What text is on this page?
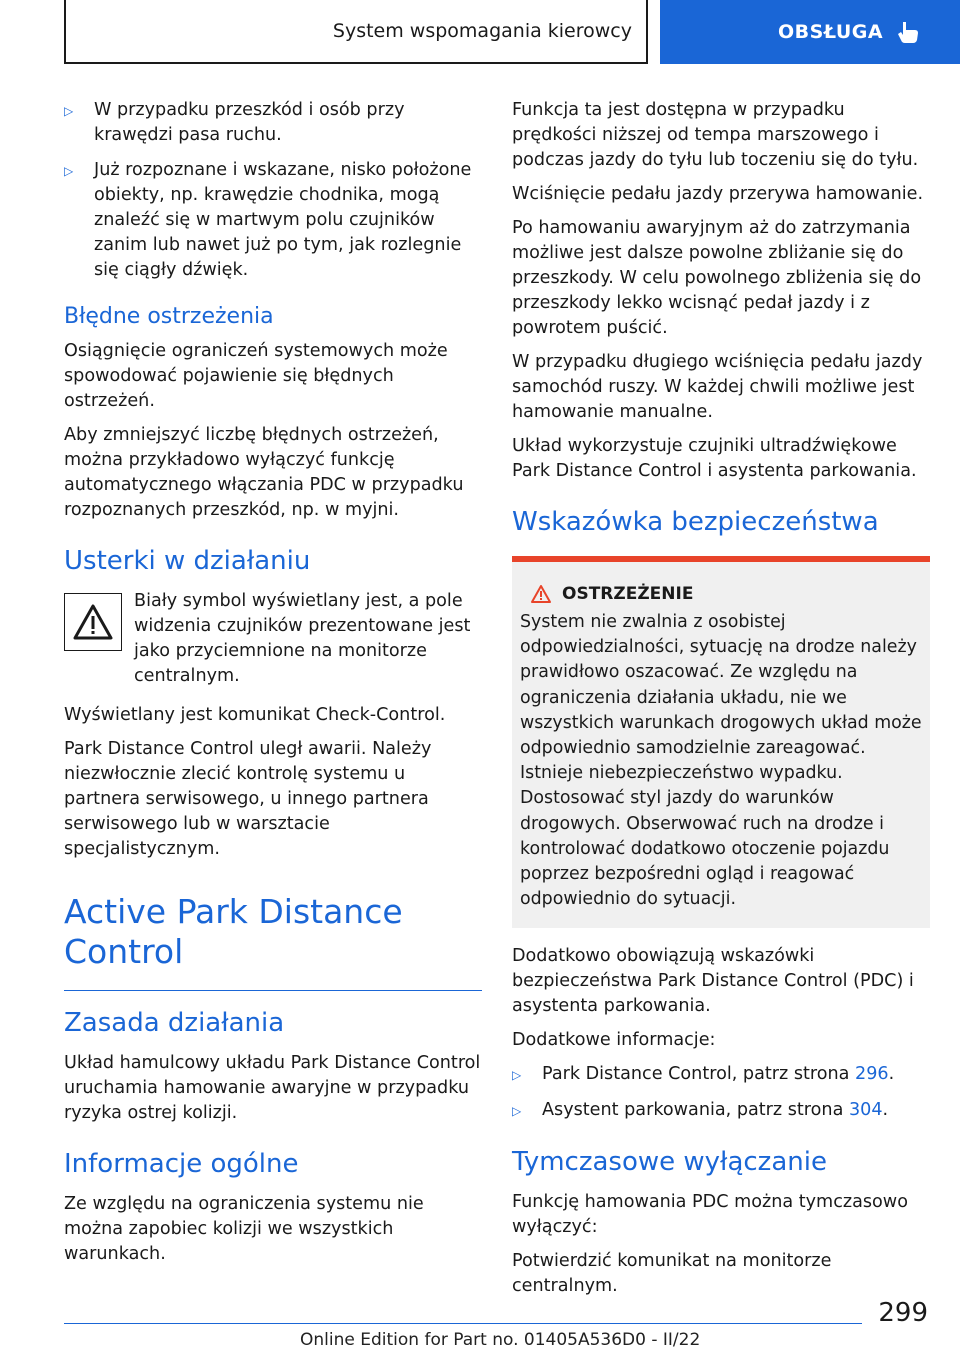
System wspomagania kierowcy	OBSŁUGA
▷	W przypadku przeszkód i osób przy krawędzi pasa ruchu.
▷	Już rozpoznane i wskazane, nisko położone obiekty, np. krawędzie chodnika, mogą znaleźć się w martwym polu czujników zanim lub nawet już po tym, jak rozlegnie się ciągły dźwięk.
Błędne ostrzeżenia

Osiągnięcie ograniczeń systemowych może spowodować pojawienie się błędnych ostrzeżeń.

Aby zmniejszyć liczbę błędnych ostrzeżeń, można przykładowo wyłączyć funkcję automatycznego włączania PDC w przypadku rozpoznanych przeszkód, np. w myjni.

Usterki w działaniu
Biały symbol wyświetlany jest, a pole widzenia czujników prezentowane jest jako przyciemnione na monitorze centralnym.

Wyświetlany jest komunikat Check-Control.

Park Distance Control uległ awarii. Należy niezwłocznie zlecić kontrolę systemu u partnera serwisowego, u innego partnera serwisowego lub w warsztacie specjalistycznym.

Active Park Distance Control
Zasada działania

Układ hamulcowy układu Park Distance Control uruchamia hamowanie awaryjne w przypadku ryzyka ostrej kolizji.

Informacje ogólne

Ze względu na ograniczenia systemu nie można zapobiec kolizji we wszystkich warunkach.

Funkcja ta jest dostępna w przypadku prędkości niższej od tempa marszowego i podczas jazdy do tyłu lub toczeniu się do tyłu.

Wciśnięcie pedału jazdy przerywa hamowanie.

Po hamowaniu awaryjnym aż do zatrzymania możliwe jest dalsze powolne zbliżanie się do przeszkody. W celu powolnego zbliżenia się do przeszkody lekko wcisnąć pedał jazdy i z powrotem puścić.

W przypadku długiego wciśnięcia pedału jazdy samochód ruszy. W każdej chwili możliwe jest hamowanie manualne.

Układ wykorzystuje czujniki ultradźwiękowe Park Distance Control i asystenta parkowania.

Wskazówka bezpieczeństwa
OSTRZEŻENIE

System nie zwalnia z osobistej odpowiedzialności, sytuację na drodze należy prawidłowo oszacować. Ze względu na ograniczenia działania układu, nie we wszystkich warunkach drogowych układ może odpowiednio samodzielnie zareagować. Istnieje niebezpieczeństwo wypadku. Dostosować styl jazdy do warunków drogowych. Obserwować ruch na drodze i kontrolować dodatkowo otoczenie pojazdu poprzez bezpośredni ogląd i reagować odpowiednio do sytuacji.

Dodatkowo obowiązują wskazówki bezpieczeństwa Park Distance Control (PDC) i asystenta parkowania.

Dodatkowe informacje:

▷	Park Distance Control, patrz strona 296.
▷	Asystent parkowania, patrz strona 304.
Tymczasowe wyłączanie

Funkcję hamowania PDC można tymczasowo wyłączyć:

Potwierdzić komunikat na monitorze centralnym.

299
Online Edition for Part no. 01405A536D0 - II/22
